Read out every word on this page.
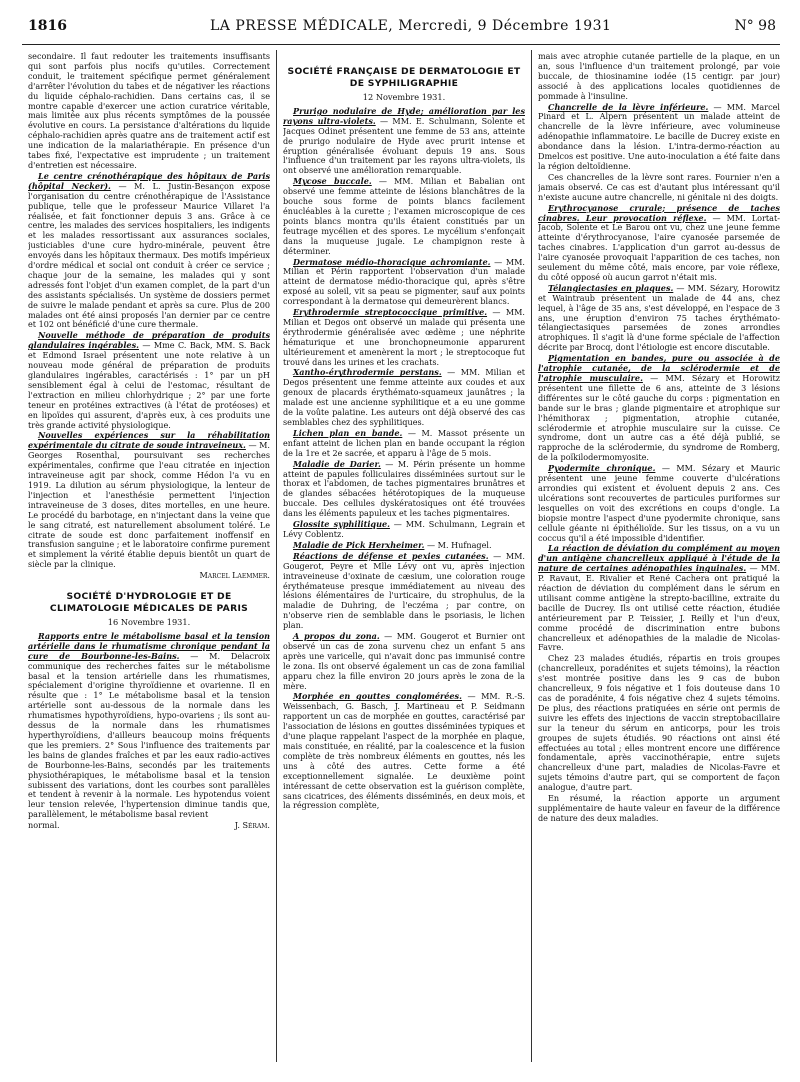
1816	LA PRESSE MÉDICALE, Mercredi, 9 Décembre 1931	N° 98

secondaire. Il faut redouter les traitements insuffisants qui sont parfois plus nocifs qu'utiles. Correctement conduit, le traitement spécifique permet généralement d'arrêter l'évolution du tabes et de négativer les réactions du liquide céphalo-rachidien. Dans certains cas, il se montre capable d'exercer une action curatrice véritable, mais limitée aux plus récents symptômes de la poussée évolutive en cours. La persistance d'altérations du liquide céphalo-rachidien après quatre ans de traitement actif est une indication de la malariathérapie. En présence d'un tabes fixé, l'expectative est imprudente ; un traitement d'entretien est nécessaire.

Le centre crénothérapique des hôpitaux de Paris (hôpital Necker). — M. L. Justin-Besançon expose l'organisation du centre crénothérapique de l'Assistance publique, telle que le professeur Maurice Villaret l'a réalisée, et fait fonctionner depuis 3 ans. Grâce à ce centre, les malades des services hospitaliers, les indigents et les malades ressortissant aux assurances sociales, justiciables d'une cure hydro-minérale, peuvent être envoyés dans les hôpitaux thermaux. Des motifs impérieux d'ordre médical et social ont conduit à créer ce service ; chaque jour de la semaine, les malades qui y sont adressés font l'objet d'un examen complet, de la part d'un des assistants spécialisés. Un système de dossiers permet de suivre le malade pendant et après sa cure. Plus de 200 malades ont été ainsi proposés l'an dernier par ce centre et 102 ont bénéficié d'une cure thermale.

Nouvelle méthode de préparation de produits glandulaires ingérables. — Mme C. Back, MM. S. Back et Edmond Israel présentent une note relative à un nouveau mode général de préparation de produits glandulaires ingérables, caractérisés : 1° par un pH sensiblement égal à celui de l'estomac, résultant de l'extraction en milieu chlorhydrique ; 2° par une forte teneur en protéines extractives (à l'état de protéoses) et en lipoïdes qui assurent, d'après eux, à ces produits une très grande activité physiologique.

Nouvelles expériences sur la réhabilitation expérimentale du citrate de soude intraveineux. — M. Georges Rosenthal, poursuivant ses recherches expérimentales, confirme que l'eau citratée en injection intraveineuse agit par shock, comme Hédon l'a vu en 1919. La dilution au sérum physiologique, la lenteur de l'injection et l'anesthésie permettent l'injection intraveineuse de 3 doses, dites mortelles, en une heure. Le procédé du barbotage, en n'injectant dans la veine que le sang citraté, est naturellement absolument toléré. Le citrate de soude est donc parfaitement inoffensif en transfusion sanguine ; et le laboratoire confirme purement et simplement la vérité établie depuis bientôt un quart de siècle par la clinique.

Marcel Laemmer.
SOCIÉTÉ D'HYDROLOGIE ET DE CLIMATOLOGIE MÉDICALES DE PARIS
16 Novembre 1931.

Rapports entre le métabolisme basal et la tension artérielle dans le rhumatisme chronique pendant la cure de Bourbonne-les-Bains. — M. Delacroix communique des recherches faites sur le métabolisme basal et la tension artérielle dans les rhumatismes, spécialement d'origine thyroïdienne et ovarienne. Il en résulte que : 1° Le métabolisme basal et la tension artérielle sont au-dessous de la normale dans les rhumatismes hypothyroïdiens, hypo-ovariens ; ils sont au-dessus de la normale dans les rhumatismes hyperthyroïdiens, d'ailleurs beaucoup moins fréquents que les premiers. 2° Sous l'influence des traitements par les bains de glandes fraîches et par les eaux radio-actives de Bourbonne-les-Bains, secondés par les traitements physiothérapiques, le métabolisme basal et la tension subissent des variations, dont les courbes sont parallèles et tendent à revenir à la normale. Les hypotendus voient leur tension relevée, l'hypertension diminue tandis que, parallèlement, le métabolisme basal revient

normal.	J. Séram.
SOCIÉTÉ FRANÇAISE DE DERMATOLOGIE ET DE SYPHILIGRAPHIE
12 Novembre 1931.

Prurigo nodulaire de Hyde; amélioration par les rayons ultra-violets. — MM. E. Schulmann, Solente et Jacques Odinet présentent une femme de 53 ans, atteinte de prurigo nodulaire de Hyde avec prurit intense et éruption généralisée évoluant depuis 19 ans. Sous l'influence d'un traitement par les rayons ultra-violets, ils ont observé une amélioration remarquable.

Mycose buccale. — MM. Milian et Babalian ont observé une femme atteinte de lésions blanchâtres de la bouche sous forme de points blancs facilement énucléables à la curette ; l'examen microscopique de ces points blancs montra qu'ils étaient constitués par un feutrage mycélien et des spores. Le mycélium s'enfonçait dans la muqueuse jugale. Le champignon reste à déterminer.

Dermatose médio-thoracique achromiante. — MM. Milian et Périn rapportent l'observation d'un malade atteint de dermatose médio-thoracique qui, après s'être exposé au soleil, vit sa peau se pigmenter, sauf aux points correspondant à la dermatose qui demeurèrent blancs.

Erythrodermie streptococcique primitive. — MM. Milian et Degos ont observé un malade qui présenta une érythrodermie généralisée avec œdème ; une néphrite hématurique et une bronchopneumonie apparurent ultérieurement et amenèrent la mort ; le streptocoque fut trouvé dans les urines et les crachats.

Xantho-érythrodermie perstans. — MM. Milian et Degos présentent une femme atteinte aux coudes et aux genoux de placards érythémato-squameux jaunâtres ; la malade est une ancienne syphilitique et a eu une gomme de la voûte palatine. Les auteurs ont déjà observé des cas semblables chez des syphilitiques.

Lichen plan en bande. — M. Massot présente un enfant atteint de lichen plan en bande occupant la région de la 1re et 2e sacrée, et apparu à l'âge de 5 mois.

Maladie de Darier. — M. Périn présente un homme atteint de papules folliculaires disséminées surtout sur le thorax et l'abdomen, de taches pigmentaires brunâtres et de glandes sébacées hétérotopiques de la muqueuse buccale. Des cellules dyskératosiques ont été trouvées dans les éléments papuleux et les taches pigmentaires.

Glossite syphilitique. — MM. Schulmann, Legrain et Lévy Coblentz.

Maladie de Pick Herxheimer. — M. Hufnagel.

Réactions de défense et pexies cutanées. — MM. Gougerot, Peyre et Mlle Lévy ont vu, après injection intraveineuse d'oxinate de cæsium, une coloration rouge érythémateuse presque immédiatement au niveau des lésions élémentaires de l'urticaire, du strophulus, de la maladie de Duhring, de l'eczéma ; par contre, on n'observe rien de semblable dans le psoriasis, le lichen plan.

A propos du zona. — MM. Gougerot et Burnier ont observé un cas de zona survenu chez un enfant 5 ans après une varicelle, qui n'avait donc pas immunisé contre le zona. Ils ont observé également un cas de zona familial apparu chez la fille environ 20 jours après le zona de la mère.

Morphée en gouttes conglomérées. — MM. R.-S. Weissenbach, G. Basch, J. Martineau et P. Seidmann rapportent un cas de morphée en gouttes, caractérisé par l'association de lésions en gouttes disséminées typiques et d'une plaque rappelant l'aspect de la morphée en plaque, mais constituée, en réalité, par la coalescence et la fusion complète de très nombreux éléments en gouttes, nés les uns à côté des autres. Cette forme a été exceptionnellement signalée. Le deuxième point intéressant de cette observation est la guérison complète, sans cicatrices, des éléments disséminés, en deux mois, et la régression complète,

mais avec atrophie cutanée partielle de la plaque, en un an, sous l'influence d'un traitement prolongé, par voie buccale, de thiosinamine iodée (15 centigr. par jour) associé à des applications locales quotidiennes de pommade à l'insuline.

Chancrelle de la lèvre inférieure. — MM. Marcel Pinard et L. Alpern présentent un malade atteint de chancrelle de la lèvre inférieure, avec volumineuse adénopathie inflammatoire. Le bacille de Ducrey existe en abondance dans la lésion. L'intra-dermo-réaction au Dmelcos est positive. Une auto-inoculation a été faite dans la région deltoïdienne.

Ces chancrelles de la lèvre sont rares. Fournier n'en a jamais observé. Ce cas est d'autant plus intéressant qu'il n'existe aucune autre chancrelle, ni génitale ni des doigts.

Erythrocyanose crurale; présence de taches cinabres. Leur provocation réflexe. — MM. Lortat-Jacob, Solente et Le Barou ont vu, chez une jeune femme atteinte d'érythrocyanose, l'aire cyanosée parsemée de taches cinabres. L'application d'un garrot au-dessus de l'aire cyanosée provoquait l'apparition de ces taches, non seulement du même côté, mais encore, par voie réflexe, du côté opposé où aucun garrot n'était mis.

Télangiectasies en plaques. — MM. Sézary, Horowitz et Waintraub présentent un malade de 44 ans, chez lequel, à l'âge de 35 ans, s'est développé, en l'espace de 3 ans, une éruption d'environ 75 taches érythémato-télangiectasiques parsemées de zones arrondies atrophiques. Il s'agit là d'une forme spéciale de l'affection décrite par Brocq, dont l'étiologie est encore discutable.

Pigmentation en bandes, pure ou associée à de l'atrophie cutanée, de la sclérodermie et de l'atrophie musculaire. — MM. Sézary et Horowitz présentent une fillette de 6 ans, atteinte de 3 lésions différentes sur le côté gauche du corps : pigmentation en bande sur le bras ; glande pigmentaire et atrophique sur l'hémithorax ; pigmentation, atrophie cutanée, sclérodermie et atrophie musculaire sur la cuisse. Ce syndrome, dont un autre cas a été déjà publié, se rapproche de la sclérodermie, du syndrome de Romberg, de la poïkilodermomyosite.

Pyodermite chronique. — MM. Sézary et Mauric présentent une jeune femme couverte d'ulcérations arrondies qui existent et évoluent depuis 2 ans. Ces ulcérations sont recouvertes de particules puriformes sur lesquelles on voit des excrétions en coups d'ongle. La biopsie montre l'aspect d'une pyodermite chronique, sans cellule géante ni épithélioïde. Sur les tissus, on a vu un coccus qu'il a été impossible d'identifier.

La réaction de déviation du complément au moyen d'un antigène chancrelleux appliqué à l'étude de la nature de certaines adénopathies inguinales. — MM. P. Ravaut, E. Rivalier et René Cachera ont pratiqué la réaction de déviation du complément dans le sérum en utilisant comme antigène la strepto-bacilline, extraite du bacille de Ducrey. Ils ont utilisé cette réaction, étudiée antérieurement par P. Teissier, J. Reilly et l'un d'eux, comme procédé de discrimination entre bubons chancrelleux et adénopathies de la maladie de Nicolas-Favre.

Chez 23 malades étudiés, répartis en trois groupes (chancrelleux, poradénites et sujets témoins), la réaction s'est montrée positive dans les 9 cas de bubon chancrelleux, 9 fois négative et 1 fois douteuse dans 10 cas de poradénite, 4 fois négative chez 4 sujets témoins. De plus, des réactions pratiquées en série ont permis de suivre les effets des injections de vaccin streptobacillaire sur la teneur du sérum en anticorps, pour les trois groupes de sujets étudiés. 90 réactions ont ainsi été effectuées au total ; elles montrent encore une différence fondamentale, après vaccinothérapie, entre sujets chancrelleux d'une part, maladies de Nicolas-Favre et sujets témoins d'autre part, qui se comportent de façon analogue, d'autre part.

En résumé, la réaction apporte un argument supplémentaire de haute valeur en faveur de la différence de nature des deux maladies.
